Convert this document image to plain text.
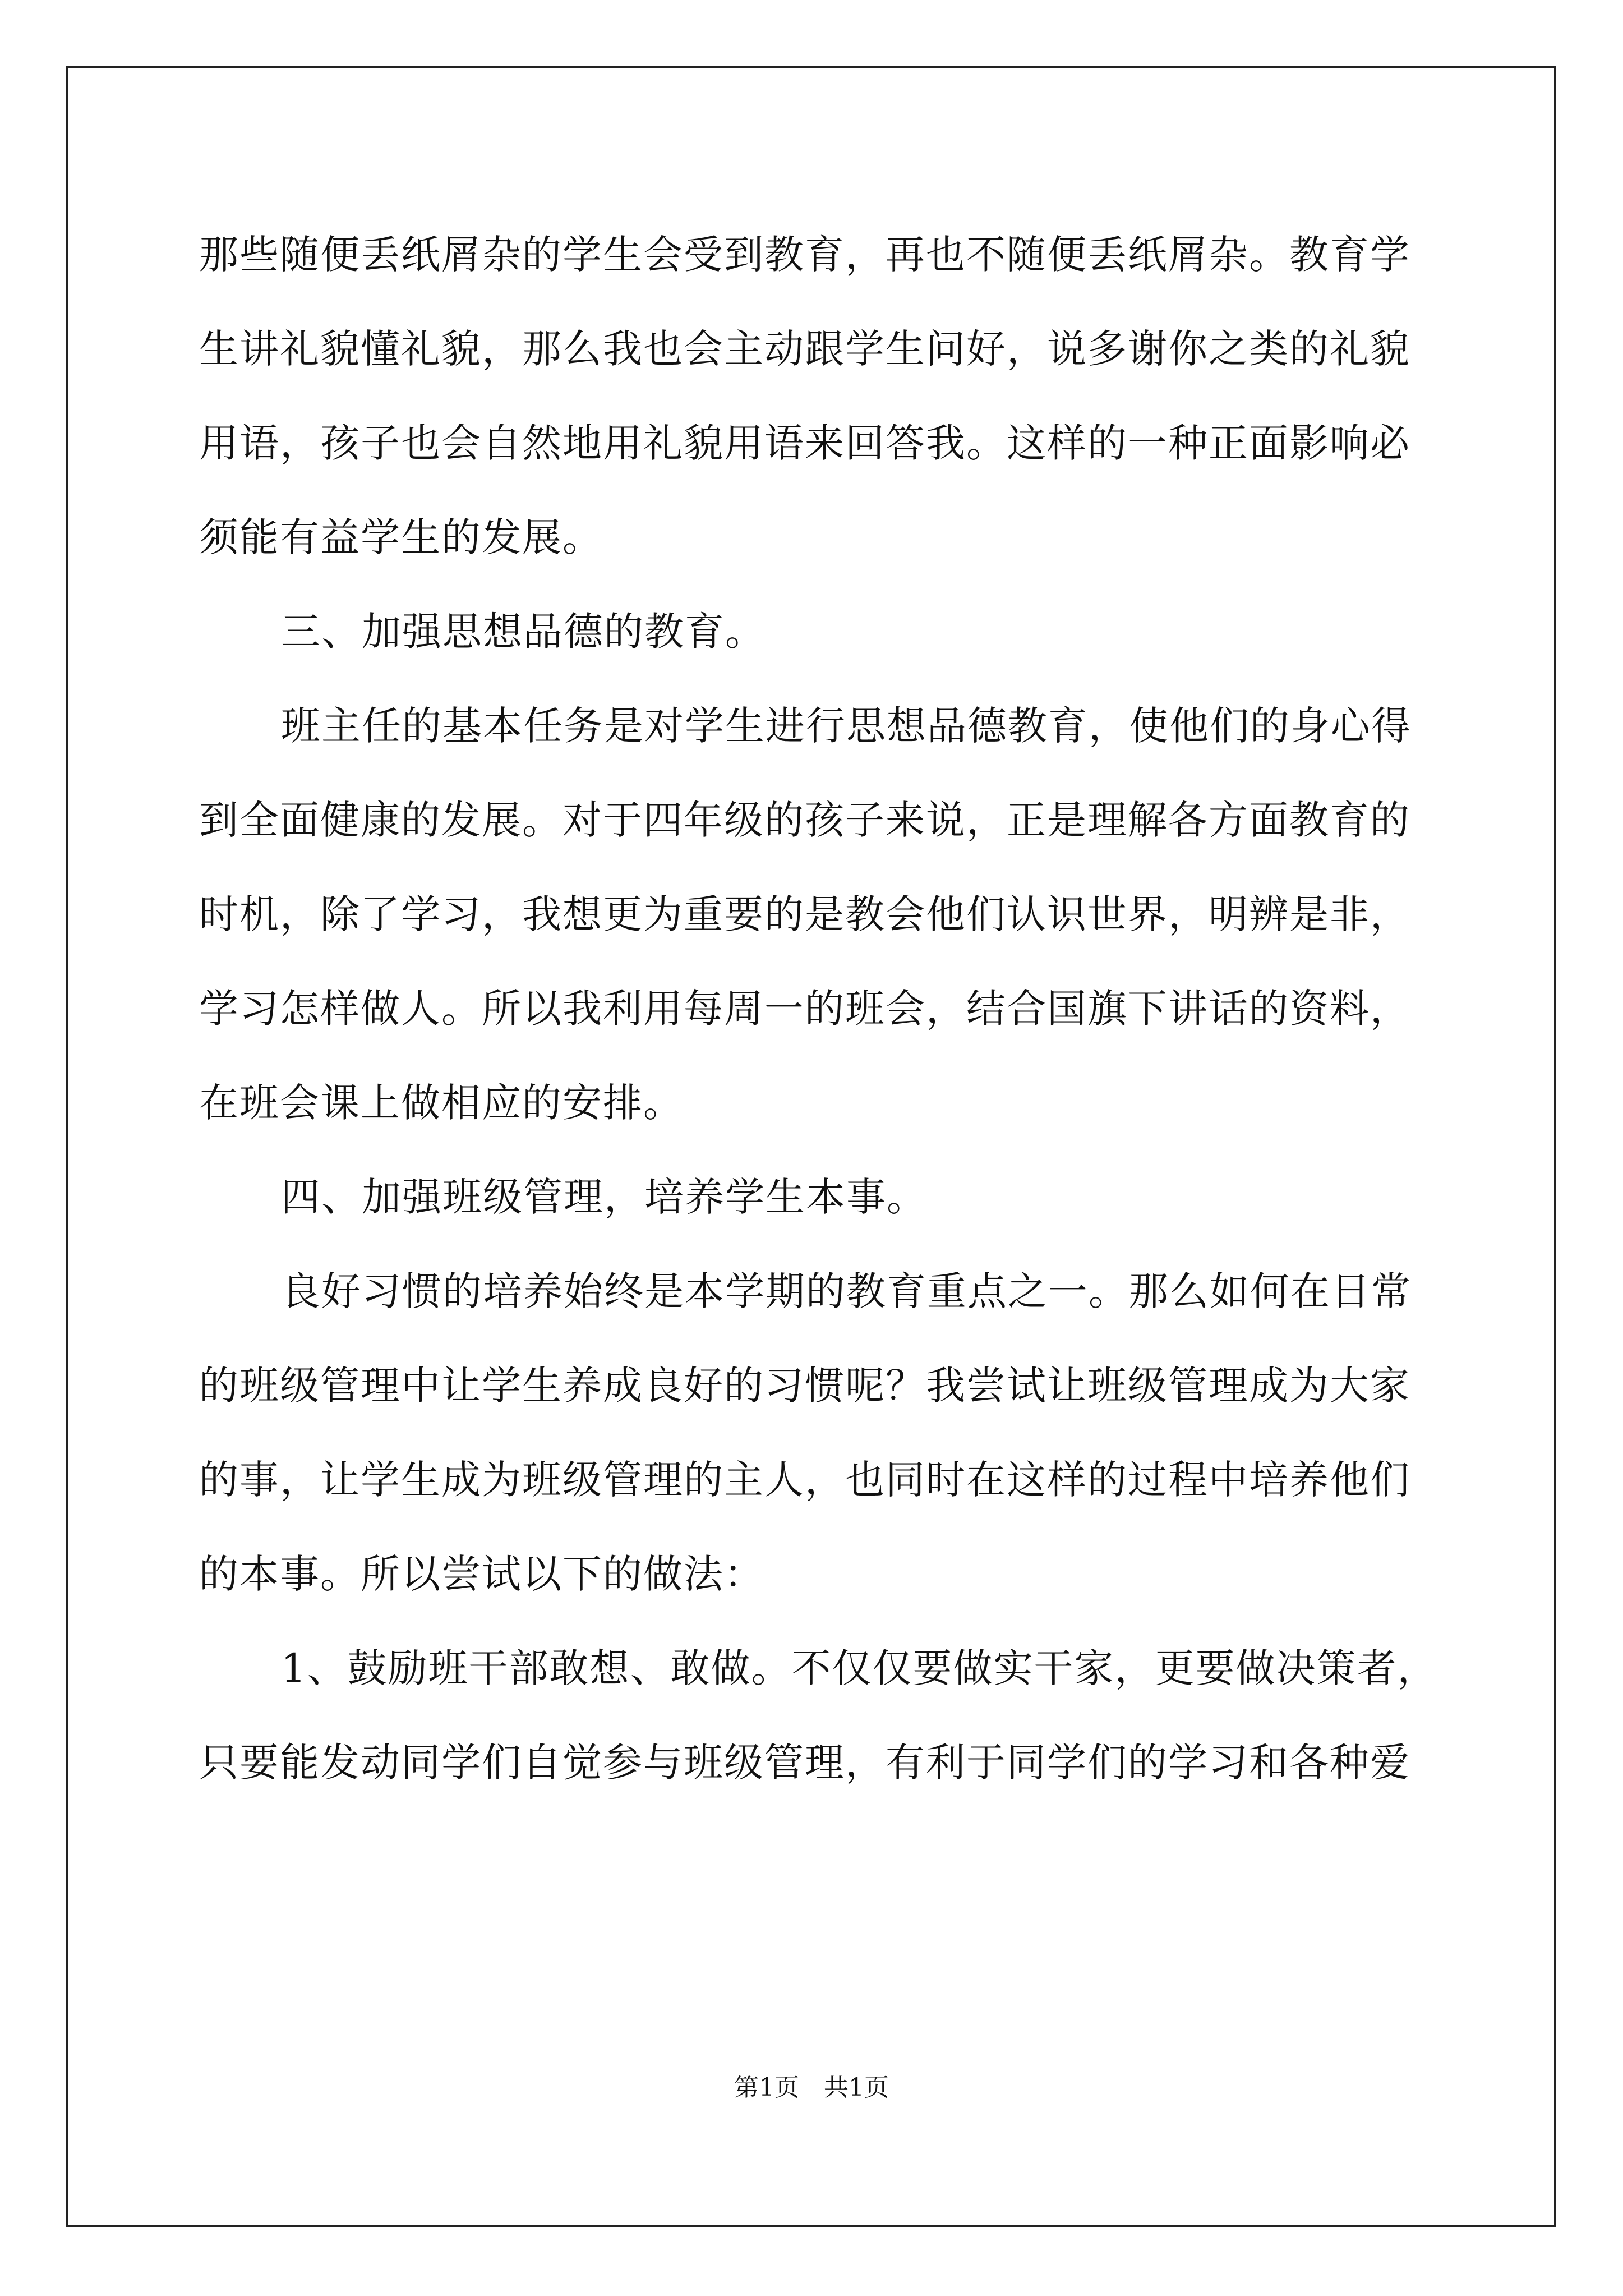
那些随便丢纸屑杂的学生会受到教育，再也不随便丢纸屑杂。教育学
生讲礼貌懂礼貌，那么我也会主动跟学生问好，说多谢你之类的礼貌
用语，孩子也会自然地用礼貌用语来回答我。这样的一种正面影响必
须能有益学生的发展。
三、加强思想品德的教育。
班主任的基本任务是对学生进行思想品德教育，使他们的身心得
到全面健康的发展。对于四年级的孩子来说，正是理解各方面教育的
时机，除了学习，我想更为重要的是教会他们认识世界，明辨是非，
学习怎样做人。所以我利用每周一的班会，结合国旗下讲话的资料，
在班会课上做相应的安排。
四、加强班级管理，培养学生本事。
良好习惯的培养始终是本学期的教育重点之一。那么如何在日常
的班级管理中让学生养成良好的习惯呢？我尝试让班级管理成为大家
的事，让学生成为班级管理的主人，也同时在这样的过程中培养他们
的本事。所以尝试以下的做法：
1、鼓励班干部敢想、敢做。不仅仅要做实干家，更要做决策者，
只要能发动同学们自觉参与班级管理，有利于同学们的学习和各种爱
第1页　共1页
